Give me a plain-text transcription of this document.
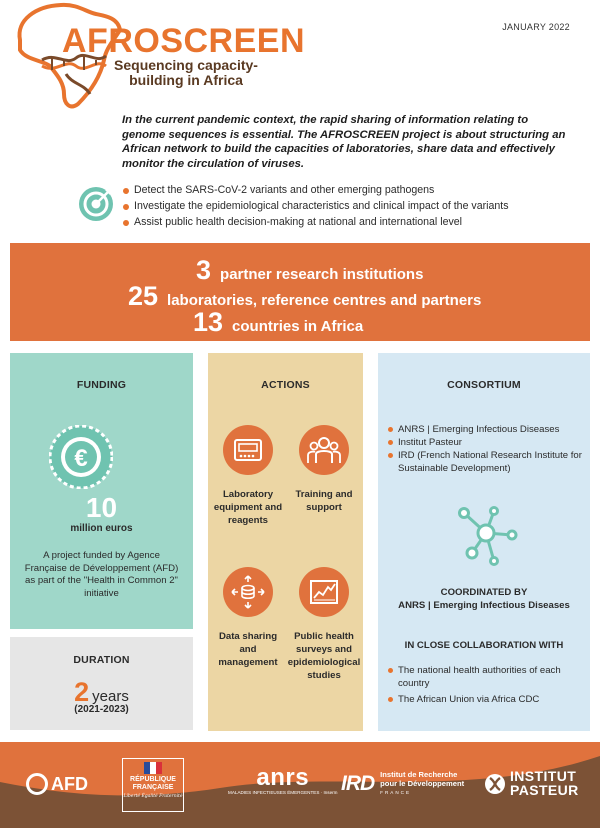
AFROSCREEN
Sequencing capacity-building in Africa
JANUARY 2022

In the current pandemic context, the rapid sharing of information relating to genome sequences is essential. The AFROSCREEN project is about structuring an African network to build the capacities of laboratories, share data and effectively monitor the circulation of viruses.

Detect the SARS-CoV-2 variants and other emerging pathogens
Investigate the epidemiological characteristics and clinical impact of the variants
Assist public health decision-making at national and international level
3 partner research institutions
25 laboratories, reference centres and partners
13 countries in Africa
FUNDING
€
10
million euros
A project funded by Agence Française de Développement (AFD) as part of the "Health in Common 2" initiative
DURATION
2 years
(2021-2023)
ACTIONS
Laboratory equipment and reagents
Training and support
Data sharing and management
Public health surveys and epidemiological studies
CONSORTIUM
ANRS | Emerging Infectious Diseases
Institut Pasteur
IRD (French National Research Institute for Sustainable Development)
COORDINATED BY
ANRS | Emerging Infectious Diseases
IN CLOSE COLLABORATION WITH
The national health authorities of each country
The African Union via Africa CDC
AFD	RÉPUBLIQUE FRANÇAISE
Liberté Égalité Fraternité
anrs
MALADIES INFECTIEUSES ÉMERGENTES · Inserm IRD Institut de Recherche pour le Développement
FRANCE
INSTITUT PASTEUR
